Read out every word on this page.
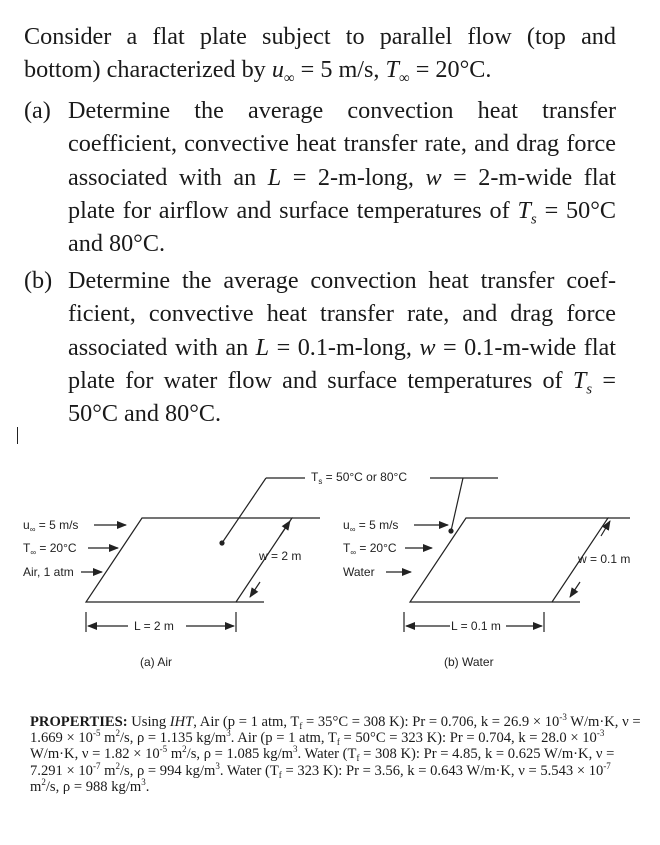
Consider a flat plate subject to parallel flow (top and bottom) characterized by $u_\infty = 5$ m/s, $T_\infty = 20^\circ C$.
(a) Determine the average convection heat transfer coefficient, convective heat transfer rate, and drag force associated with an L = 2-m-long, w = 2-m-wide flat plate for airflow and surface temperatures of $T_s = 50^\circ C$ and 80°C.
(b) Determine the average convection heat transfer coef-ficient, convective heat transfer rate, and drag force associated with an L = 0.1-m-long, w = 0.1-m-wide flat plate for water flow and surface temperatures of $T_s = 50^\circ C$ and 80°C.
$T_s = 50^\circ C$ or 80°C
$u_\infty = 5$ m/s
$T_\infty = 20^\circ C$
Air, 1 atm
w = 2 m
L = 2 m
(a) Air
$u_\infty = 5$ m/s
$T_\infty = 20^\circ C$
Water
w = 0.1 m
L = 0.1 m
(b) Water
PROPERTIES: Using IHT, Air (p = 1 atm, $T_f = 35^\circ C = 308$ K): Pr = 0.706, $k = 26.9 \times 10^{-3}$ W/m·K, $\nu = 1.669 \times 10^{-5}$ $m^2/s$, ρ = 1.135 $kg/m^3$. Air (p = 1 atm, $T_f = 50^\circ C = 323$ K): Pr = 0.704, $k = 28.0 \times 10^{-3}$ W/m·K, $\nu = 1.82 \times 10^{-5}$ $m^2/s$, ρ = 1.085 $kg/m^3$. Water ($T_f = 308$ K): Pr = 4.85, k = 0.625 W/m·K, $\nu = 7.291 \times 10^{-7}$ $m^2/s$, ρ = 994 $kg/m^3$. Water ($T_f = 323$ K): Pr = 3.56, k = 0.643 W/m·K, $\nu = 5.543 \times 10^{-7}$ $m^2/s$, ρ = 988 $kg/m^3$.
